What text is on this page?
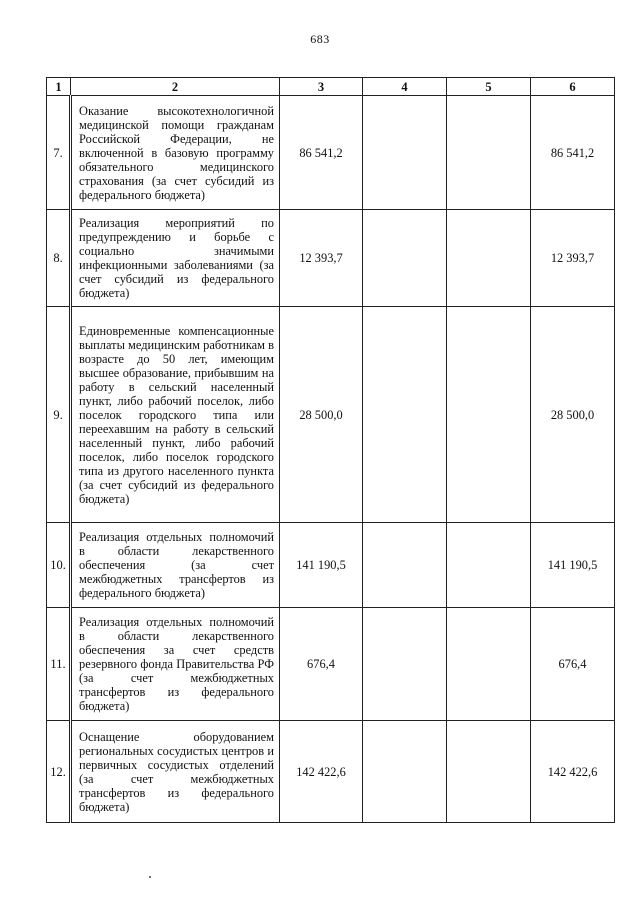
683
1	2	3	4	5	6
7.	Оказание высокотехнологичной медицинской помощи гражданам Российской Федерации, не включенной в базовую программу обязательного медицинского страхования (за счет субсидий из федерального бюджета)	86 541,2			86 541,2
8.	Реализация мероприятий по предупреждению и борьбе с социально значимыми инфекционными заболеваниями (за счет субсидий из федерального бюджета)	12 393,7			12 393,7
9.	Единовременные компенсационные выплаты медицинским работникам в возрасте до 50 лет, имеющим высшее образование, прибывшим на работу в сельский населенный пункт, либо рабочий поселок, либо поселок городского типа или переехавшим на работу в сельский населенный пункт, либо рабочий поселок, либо поселок городского типа из другого населенного пункта (за счет субсидий из федерального бюджета)	28 500,0			28 500,0
10.	Реализация отдельных полномочий в области лекарственного обеспечения (за счет межбюджетных трансфертов из федерального бюджета)	141 190,5			141 190,5
11.	Реализация отдельных полномочий в области лекарственного обеспечения за счет средств резервного фонда Правительства РФ (за счет межбюджетных трансфертов из федерального бюджета)	676,4			676,4
12.	Оснащение оборудованием региональных сосудистых центров и первичных сосудистых отделений (за счет межбюджетных трансфертов из федерального бюджета)	142 422,6			142 422,6
